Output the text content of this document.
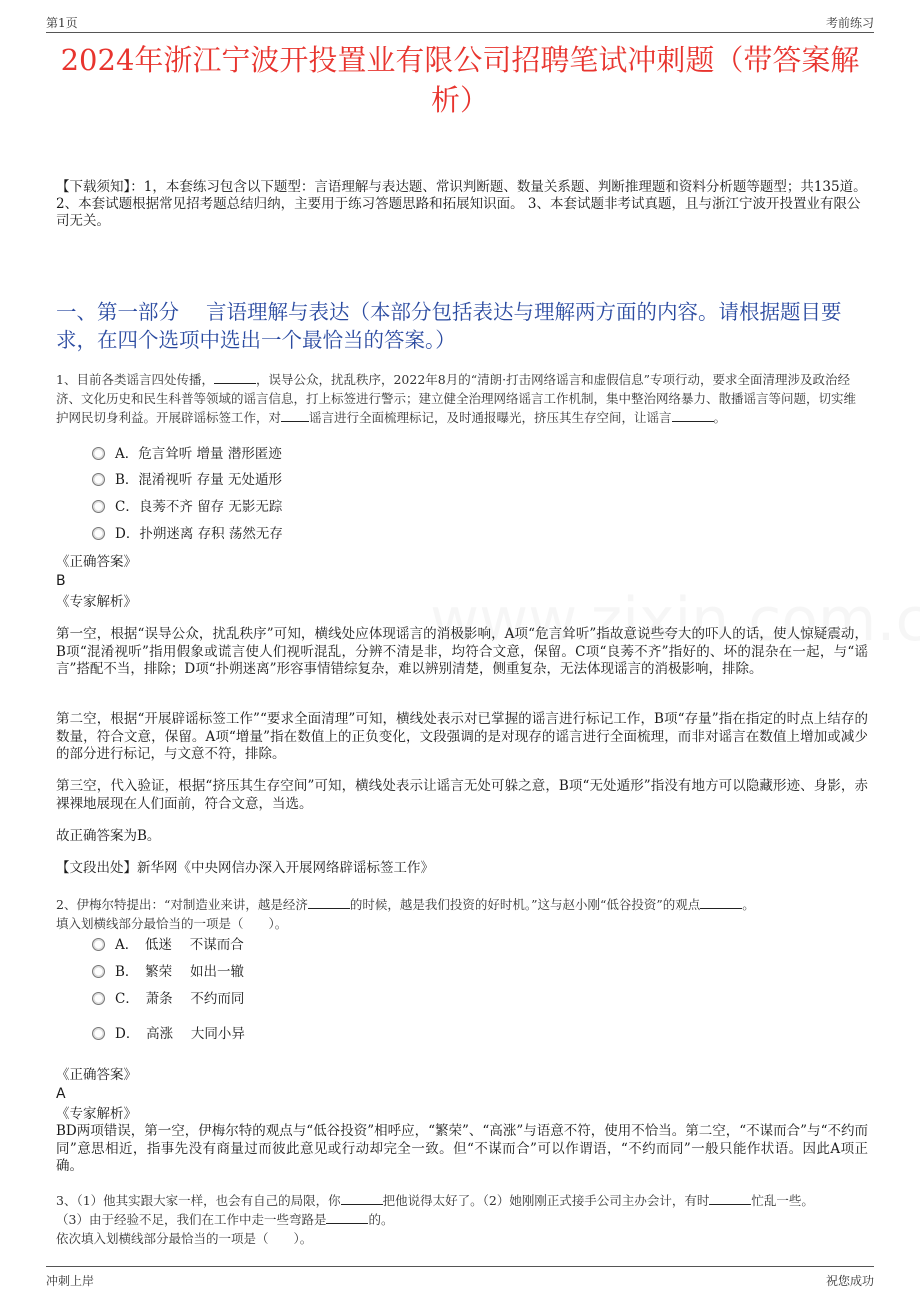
第1页	考前练习
2024年浙江宁波开投置业有限公司招聘笔试冲刺题（带答案解析）
【下载须知】：1，本套练习包含以下题型：言语理解与表达题、常识判断题、数量关系题、判断推理题和资料分析题等题型；共135道。 2、本套试题根据常见招考题总结归纳，主要用于练习答题思路和拓展知识面。 3、本套试题非考试真题，且与浙江宁波开投置业有限公司无关。
一、第一部分　 言语理解与表达（本部分包括表达与理解两方面的内容。请根据题目要求，在四个选项中选出一个最恰当的答案。）
1、目前各类谣言四处传播，	，误导公众，扰乱秩序，2022年8月的“清朗·打击网络谣言和虚假信息”专项行动，要求全面清理涉及政治经济、文化历史和民生科普等领域的谣言信息，打上标签进行警示；建立健全治理网络谣言工作机制，集中整治网络暴力、散播谣言等问题，切实维护网民切身利益。开展辟谣标签工作，对 谣言进行全面梳理标记，及时通报曝光，挤压其生存空间，让谣言	。
A．危言耸听 增量 潜形匿迹
B．混淆视听 存量 无处遁形
C．良莠不齐 留存 无影无踪
D．扑朔迷离 存积 荡然无存
《正确答案》
B
《专家解析》
第一空，根据“误导公众，扰乱秩序”可知，横线处应体现谣言的消极影响，A项“危言耸听”指故意说些夸大的吓人的话，使人惊疑震动，B项“混淆视听”指用假象或谎言使人们视听混乱，分辨不清是非，均符合文意，保留。C项“良莠不齐”指好的、坏的混杂在一起，与“谣言”搭配不当，排除；D项“扑朔迷离”形容事情错综复杂，难以辨别清楚，侧重复杂，无法体现谣言的消极影响，排除。
第二空，根据“开展辟谣标签工作”“要求全面清理”可知，横线处表示对已掌握的谣言进行标记工作，B项“存量”指在指定的时点上结存的数量，符合文意，保留。A项“增量”指在数值上的正负变化，文段强调的是对现存的谣言进行全面梳理，而非对谣言在数值上增加或减少的部分进行标记，与文意不符，排除。
第三空，代入验证，根据“挤压其生存空间”可知，横线处表示让谣言无处可躲之意，B项“无处遁形”指没有地方可以隐藏形迹、身影，赤裸裸地展现在人们面前，符合文意，当选。
故正确答案为B。
【文段出处】新华网《中央网信办深入开展网络辟谣标签工作》
2、伊梅尔特提出：“对制造业来讲，越是经济	的时候，越是我们投资的好时机。”这与赵小刚“低谷投资”的观点	。
填入划横线部分最恰当的一项是（　　）。
A．　低迷　 不谋而合
B．　繁荣　 如出一辙
C．　萧条　 不约而同
D．　高涨　 大同小异
《正确答案》
A
《专家解析》
BD两项错误，第一空，伊梅尔特的观点与“低谷投资”相呼应，“繁荣”、“高涨”与语意不符，使用不恰当。第二空，“不谋而合”与“不约而同”意思相近，指事先没有商量过而彼此意见或行动却完全一致。但“不谋而合”可以作谓语，“不约而同”一般只能作状语。因此A项正确。
3、（1）他其实跟大家一样，也会有自己的局限，你	把他说得太好了。（2）她刚刚正式接手公司主办会计，有时	忙乱一些。
（3）由于经验不足，我们在工作中走一些弯路是	的。
依次填入划横线部分最恰当的一项是（　　）。
冲刺上岸	祝您成功
